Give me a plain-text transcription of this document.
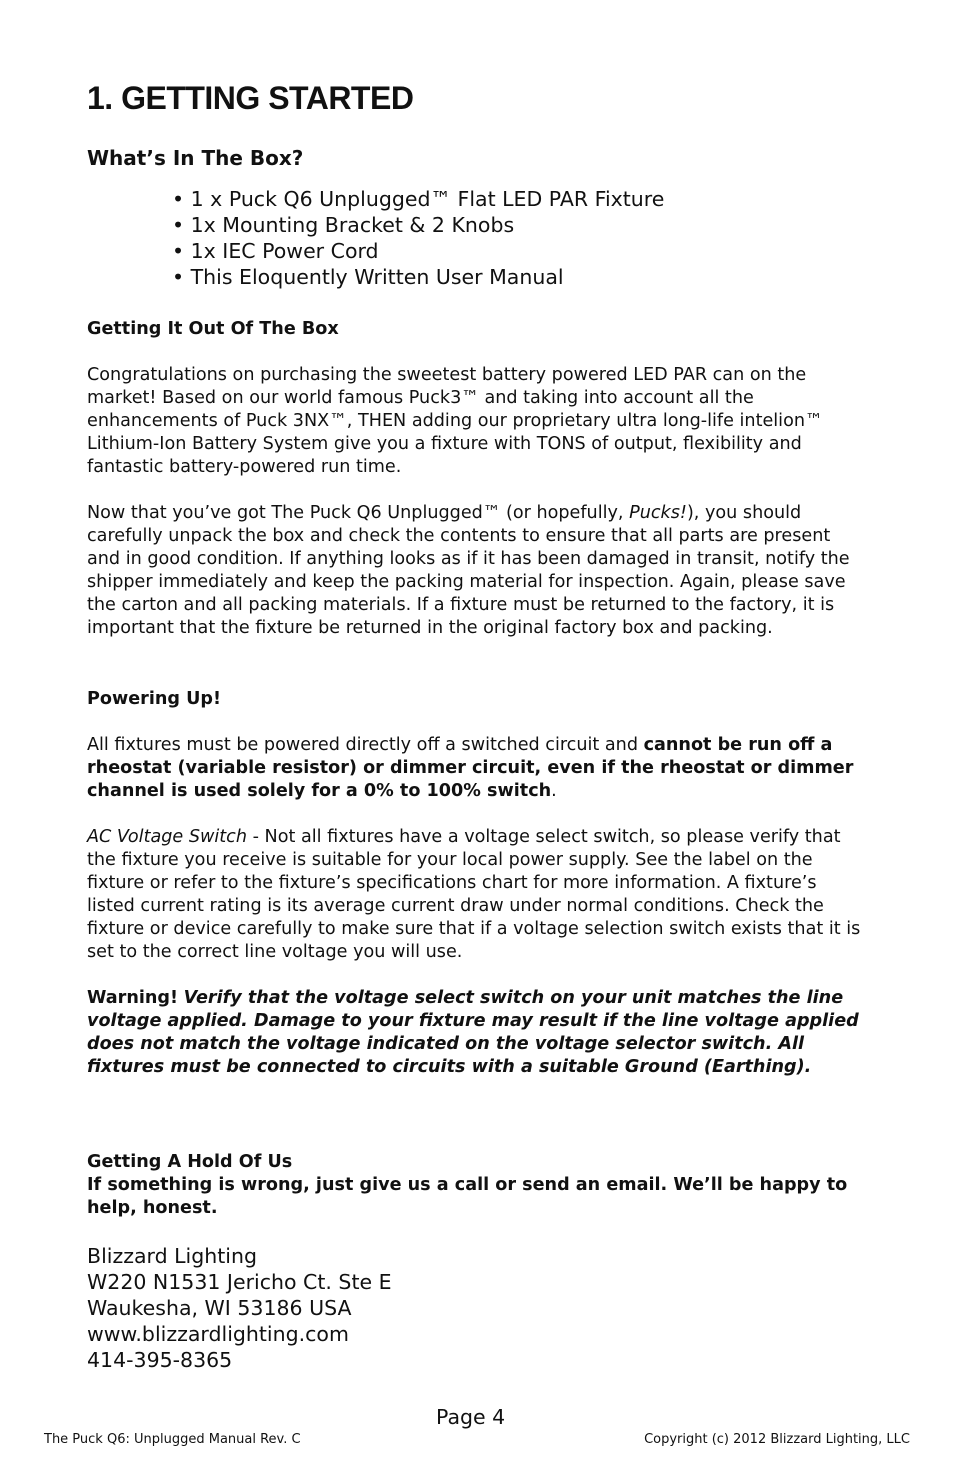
1. GETTING STARTED
What’s In The Box?
• 1 x Puck Q6 Unplugged™ Flat LED PAR Fixture
• 1x Mounting Bracket & 2 Knobs
• 1x IEC Power Cord
• This Eloquently Written User Manual

Getting It Out Of The Box

Congratulations on purchasing the sweetest battery powered LED PAR can on the market! Based on our world famous Puck3™ and taking into account all the enhancements of Puck 3NX™, THEN adding our proprietary ultra long-life intelion™ Lithium-Ion Battery System give you a fixture with TONS of output, flexibility and fantastic battery-powered run time.

Now that you’ve got The Puck Q6 Unplugged™ (or hopefully, Pucks!), you should carefully unpack the box and check the contents to ensure that all parts are present and in good condition. If anything looks as if it has been damaged in transit, notify the shipper immediately and keep the packing material for inspection. Again, please save the carton and all packing materials. If a fixture must be returned to the factory, it is important that the fixture be returned in the original factory box and packing.

Powering Up!

All fixtures must be powered directly off a switched circuit and cannot be run off a rheostat (variable resistor) or dimmer circuit, even if the rheostat or dimmer channel is used solely for a 0% to 100% switch.

AC Voltage Switch - Not all fixtures have a voltage select switch, so please verify that the fixture you receive is suitable for your local power supply. See the label on the fixture or refer to the fixture’s specifications chart for more information. A fixture’s listed current rating is its average current draw under normal conditions. Check the fixture or device carefully to make sure that if a voltage selection switch exists that it is set to the correct line voltage you will use.

Warning! Verify that the voltage select switch on your unit matches the line voltage applied. Damage to your fixture may result if the line voltage applied does not match the voltage indicated on the voltage selector switch. All fixtures must be connected to circuits with a suitable Ground (Earthing).

Getting A Hold Of Us

If something is wrong, just give us a call or send an email. We’ll be happy to help, honest.

Blizzard Lighting
W220 N1531 Jericho Ct. Ste E
Waukesha, WI 53186 USA
www.blizzardlighting.com
414-395-8365
Page 4
The Puck Q6: Unplugged Manual Rev. C	Copyright (c) 2012 Blizzard Lighting, LLC
